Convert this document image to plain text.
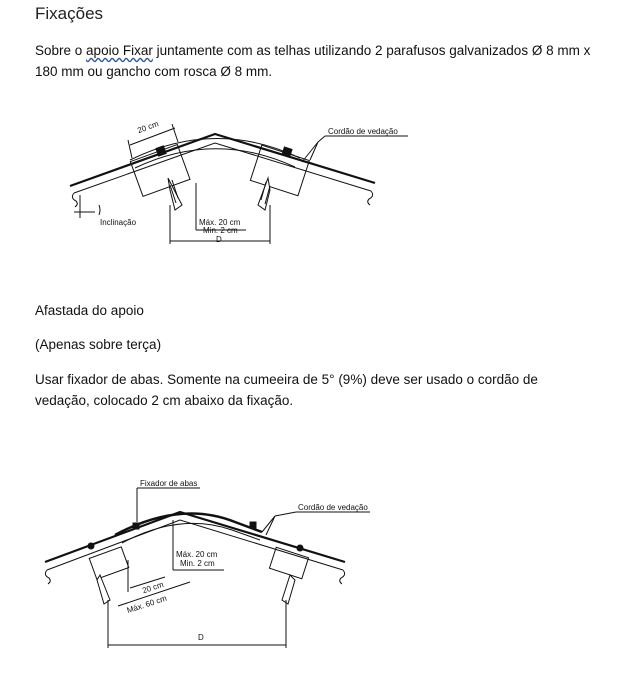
Fixações
Sobre o apoio Fixar juntamente com as telhas utilizando 2 parafusos galvanizados Ø 8 mm x 180 mm ou gancho com rosca Ø 8 mm.
20 cm	Cordão de vedação
Inclinação	Máx. 20 cm
Min. 2 cm
D
Afastada do apoio
(Apenas sobre terça)
Usar fixador de abas. Somente na cumeeira de 5° (9%) deve ser usado o cordão de vedação, colocado 2 cm abaixo da fixação.
Fixador de abas
Cordão de vedação
Máx. 20 cm
Min. 2 cm
20 cm
Máx. 60 cm
D
